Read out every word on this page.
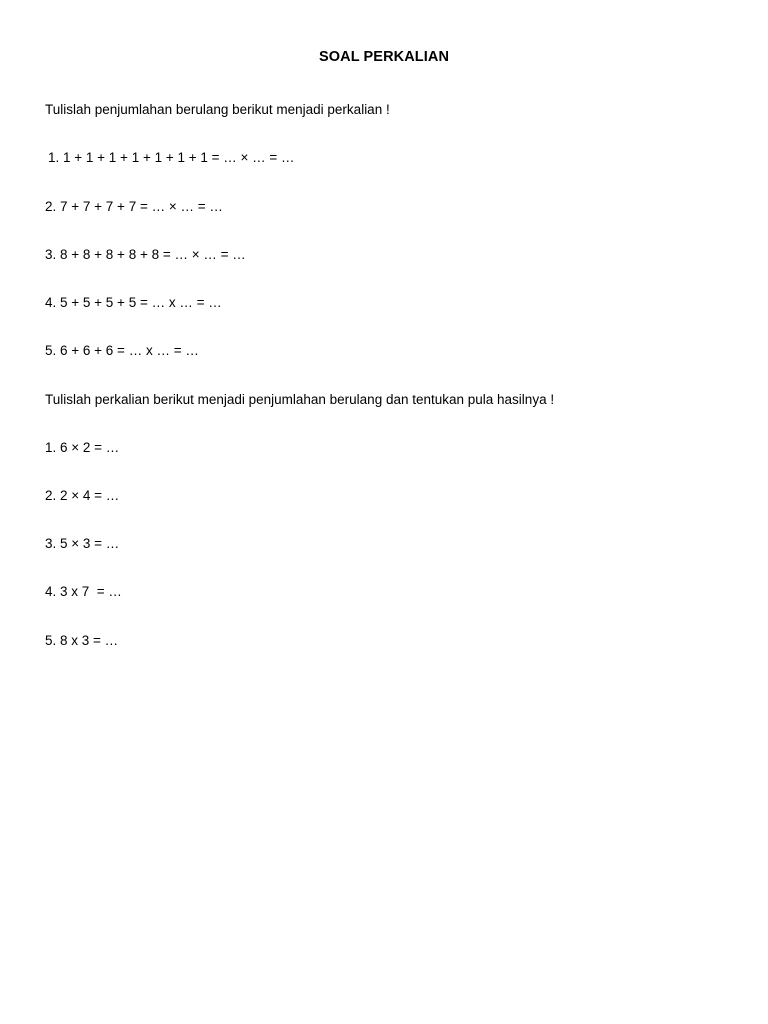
SOAL PERKALIAN
Tulislah penjumlahan berulang berikut menjadi perkalian !
1. 1 + 1 + 1 + 1 + 1 + 1 + 1 = … × … = …
2. 7 + 7 + 7 + 7 = … × … = …
3. 8 + 8 + 8 + 8 + 8 = … × … = …
4. 5 + 5 + 5 + 5 = … x … = …
5. 6 + 6 + 6 = … x … = …
Tulislah perkalian berikut menjadi penjumlahan berulang dan tentukan pula hasilnya !
1. 6 × 2 = …
2. 2 × 4 = …
3. 5 × 3 = …
4. 3 x 7  = …
5. 8 x 3 = …
